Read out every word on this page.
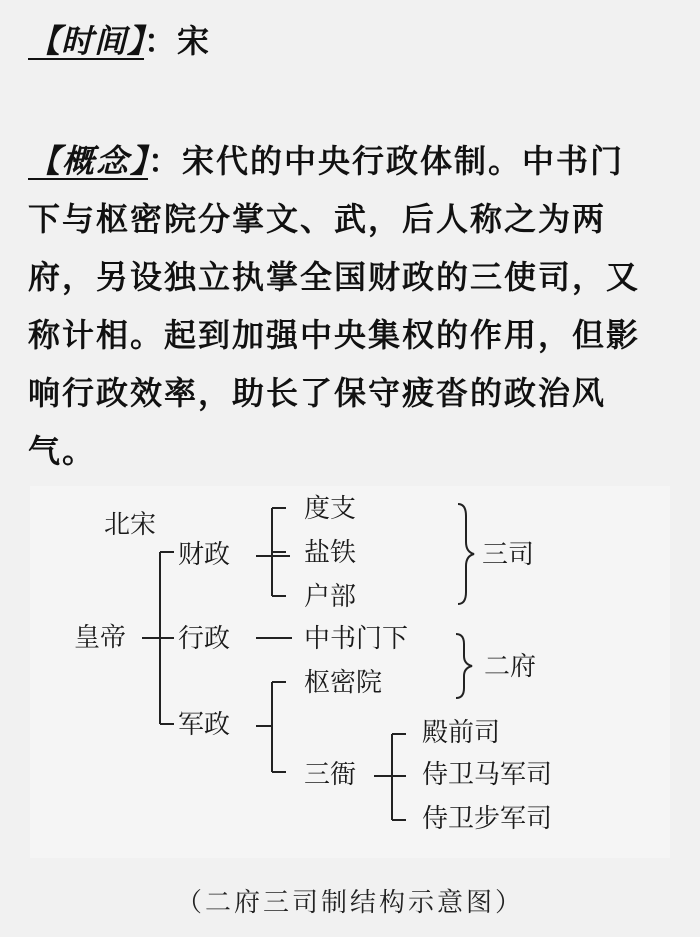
【时间】：宋
【概念】：宋代的中央行政体制。中书门
下与枢密院分掌文、武，后人称之为两
府，另设独立执掌全国财政的三使司，又
称计相。起到加强中央集权的作用，但影
响行政效率，助长了保守疲沓的政治风
气。
北宋
皇帝
财政
行政
军政
度支
盐铁
户部
中书门下
枢密院
三衙
殿前司
侍卫马军司
侍卫步军司
三司
二府
（二府三司制结构示意图）
